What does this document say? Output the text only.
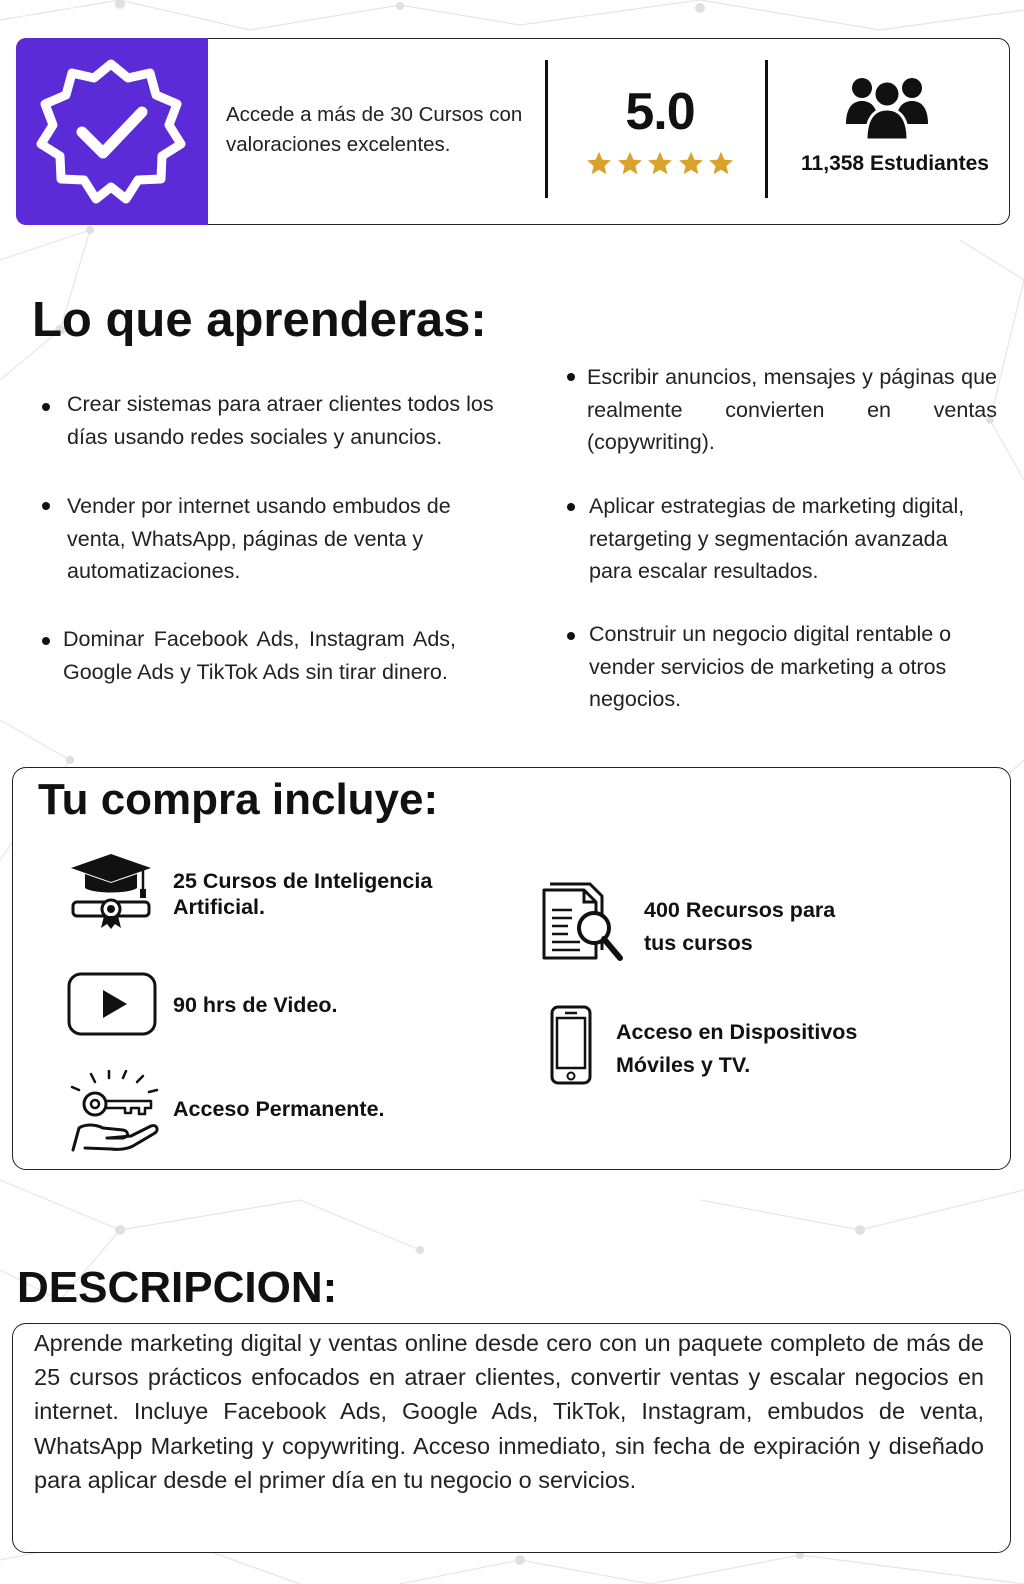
Accede a más de 30 Cursos con valoraciones excelentes.
5.0
11,358 Estudiantes
Lo que aprenderas:
Crear sistemas para atraer clientes todos los días usando redes sociales y anuncios.
Vender por internet usando embudos de venta, WhatsApp, páginas de venta y automatizaciones.
Dominar Facebook Ads, Instagram Ads, Google Ads y TikTok Ads sin tirar dinero.
Escribir anuncios, mensajes y páginas que realmente convierten en ventas (copywriting).
Aplicar estrategias de marketing digital, retargeting y segmentación avanzada para escalar resultados.
Construir un negocio digital rentable o vender servicios de marketing a otros negocios.
Tu compra incluye:
25 Cursos de Inteligencia Artificial.
90 hrs de Video.
Acceso Permanente.
400 Recursos para tus cursos
Acceso en Dispositivos Móviles y TV.
DESCRIPCION:
Aprende marketing digital y ventas online desde cero con un paquete completo de más de 25 cursos prácticos enfocados en atraer clientes, convertir ventas y escalar negocios en internet. Incluye Facebook Ads, Google Ads, TikTok, Instagram, embudos de venta, WhatsApp Marketing y copywriting. Acceso inmediato, sin fecha de expiración y diseñado para aplicar desde el primer día en tu negocio o servicios.
